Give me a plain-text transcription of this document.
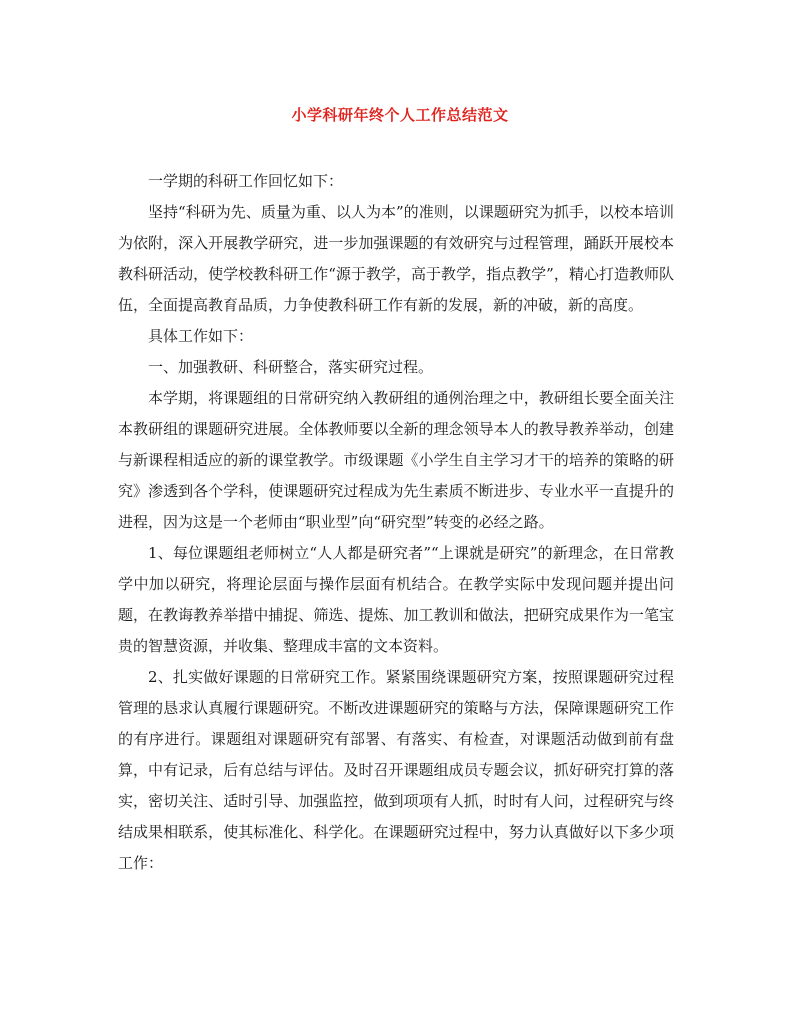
小学科研年终个人工作总结范文

一学期的科研工作回忆如下：

坚持“科研为先、质量为重、以人为本”的准则，以课题研究为抓手，以校本培训为依附，深入开展教学研究，进一步加强课题的有效研究与过程管理，踊跃开展校本教科研活动，使学校教科研工作“源于教学，高于教学，指点教学”，精心打造教师队伍，全面提高教育品质，力争使教科研工作有新的发展，新的冲破，新的高度。

具体工作如下：

一、加强教研、科研整合，落实研究过程。

本学期，将课题组的日常研究纳入教研组的通例治理之中，教研组长要全面关注本教研组的课题研究进展。全体教师要以全新的理念领导本人的教导教养举动，创建与新课程相适应的新的课堂教学。市级课题《小学生自主学习才干的培养的策略的研究》渗透到各个学科，使课题研究过程成为先生素质不断进步、专业水平一直提升的进程，因为这是一个老师由“职业型”向“研究型”转变的必经之路。

1、每位课题组老师树立“人人都是研究者”“上课就是研究”的新理念，在日常教学中加以研究，将理论层面与操作层面有机结合。在教学实际中发现问题并提出问题，在教诲教养举措中捕捉、筛选、提炼、加工教训和做法，把研究成果作为一笔宝贵的智慧资源，并收集、整理成丰富的文本资料。

2、扎实做好课题的日常研究工作。紧紧围绕课题研究方案，按照课题研究过程管理的恳求认真履行课题研究。不断改进课题研究的策略与方法，保障课题研究工作的有序进行。课题组对课题研究有部署、有落实、有检查，对课题活动做到前有盘算，中有记录，后有总结与评估。及时召开课题组成员专题会议，抓好研究打算的落实，密切关注、适时引导、加强监控，做到项项有人抓，时时有人问，过程研究与终结成果相联系，使其标准化、科学化。在课题研究过程中，努力认真做好以下多少项工作：
